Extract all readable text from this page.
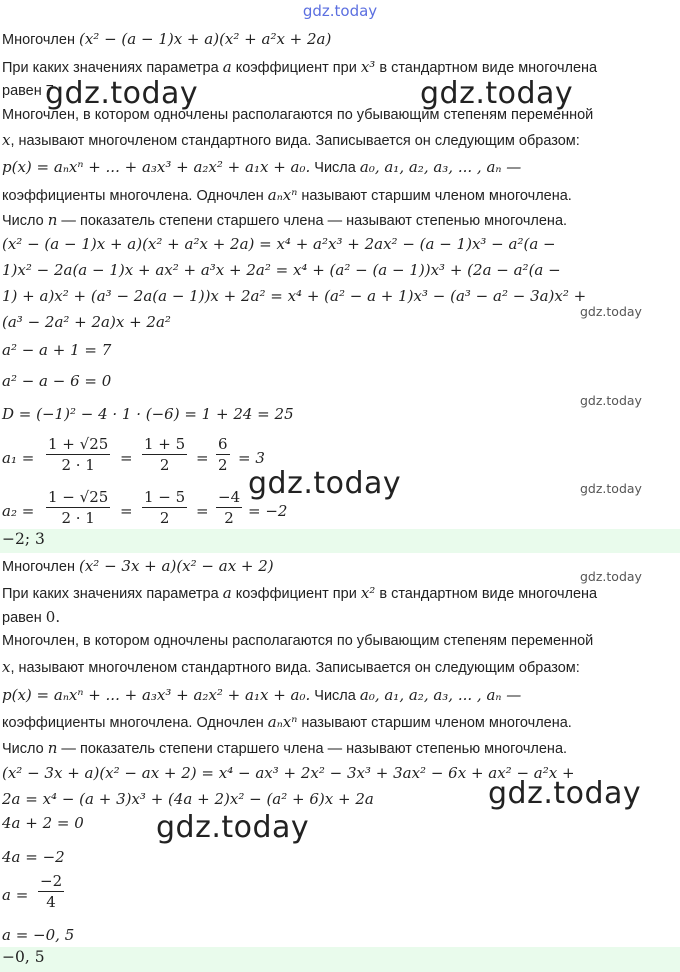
gdz.today
gdz.today	gdz.today
gdz.today
gdz.today
gdz.today
gdz.today
gdz.today
gdz.today
gdz.today
Многочлен (x² − (a − 1)x + a)(x² + a²x + 2a)
При каких значениях параметра a коэффициент при x³ в стандартном виде многочлена
равен 7
Многочлен, в котором одночлены располагаются по убывающим степеням переменной
x, называют многочленом стандартного вида. Записывается он следующим образом:
p(x) = aₙxⁿ + ... + a₃x³ + a₂x² + a₁x + a₀. Числа a₀, a₁, a₂, a₃, ... , aₙ —
коэффициенты многочлена. Одночлен aₙxⁿ называют старшим членом многочлена.
Число n — показатель степени старшего члена — называют степенью многочлена.
(x² − (a − 1)x + a)(x² + a²x + 2a) = x⁴ + a²x³ + 2ax² − (a − 1)x³ − a²(a −
1)x² − 2a(a − 1)x + ax² + a³x + 2a² = x⁴ + (a² − (a − 1))x³ + (2a − a²(a −
1) + a)x² + (a³ − 2a(a − 1))x + 2a² = x⁴ + (a² − a + 1)x³ − (a³ − a² − 3a)x² +
(a³ − 2a² + 2a)x + 2a²
a² − a + 1 = 7
a² − a − 6 = 0
D = (−1)² − 4 · 1 · (−6) = 1 + 24 = 25
$a_1 = \frac{1 + √25}{2 \cdot 1} = \frac{1 + 5}{2} = \frac{6}{2} = 3$
$a_2 = \frac{1 - √25}{2 \cdot 1} = \frac{1 - 5}{2} = \frac{-4}{2} = -2$
−2; 3
Многочлен (x² − 3x + a)(x² − ax + 2)
При каких значениях параметра a коэффициент при x² в стандартном виде многочлена
равен 0.
Многочлен, в котором одночлены располагаются по убывающим степеням переменной
x, называют многочленом стандартного вида. Записывается он следующим образом:
p(x) = aₙxⁿ + ... + a₃x³ + a₂x² + a₁x + a₀. Числа a₀, a₁, a₂, a₃, ... , aₙ —
коэффициенты многочлена. Одночлен aₙxⁿ называют старшим членом многочлена.
Число n — показатель степени старшего члена — называют степенью многочлена.
(x² − 3x + a)(x² − ax + 2) = x⁴ − ax³ + 2x² − 3x³ + 3ax² − 6x + ax² − a²x +
2a = x⁴ − (a + 3)x³ + (4a + 2)x² − (a² + 6)x + 2a
4a + 2 = 0
4a = −2
$a = \frac{-2}{4}$
a = −0, 5
−0, 5
